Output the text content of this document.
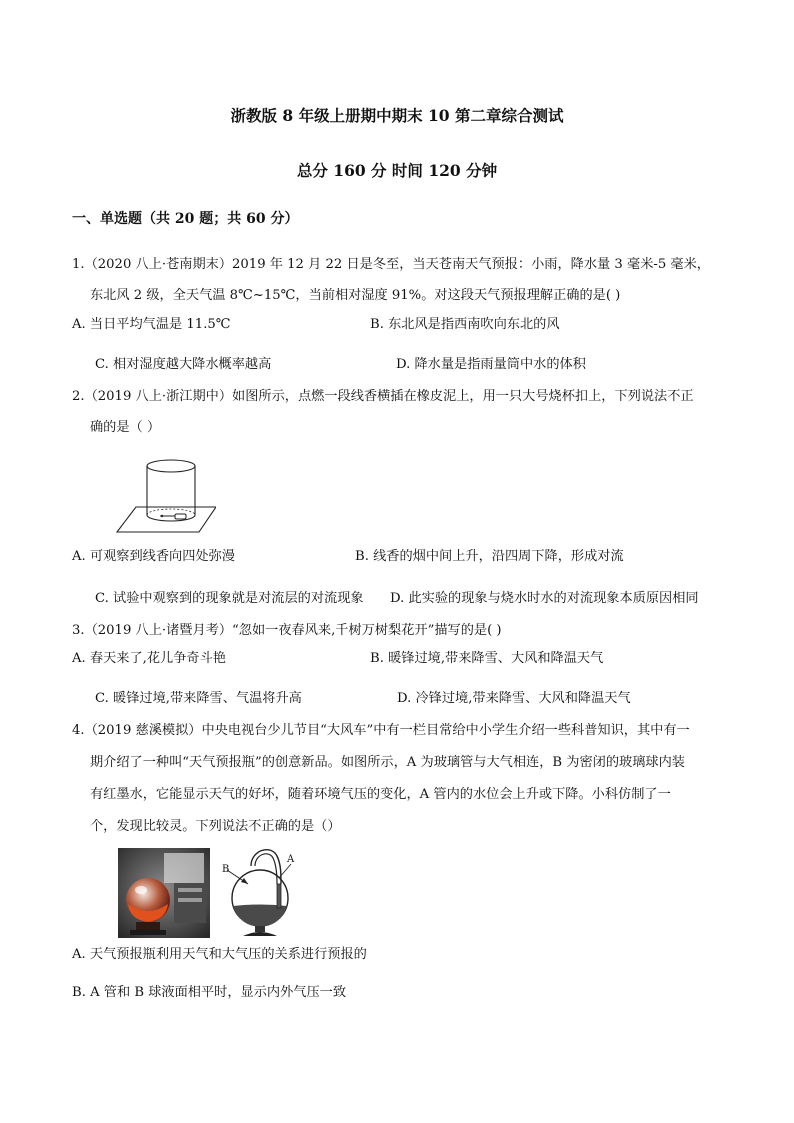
浙教版 8 年级上册期中期末 10 第二章综合测试
总分 160 分 时间 120 分钟
一、单选题（共 20 题；共 60 分）
1.（2020 八上·苍南期末）2019 年 12 月 22 日是冬至，当天苍南天气预报：小雨，降水量 3 毫米-5 毫米，
东北风 2 级，全天气温 8℃~15℃，当前相对湿度 91%。对这段天气预报理解正确的是( )
A. 当日平均气温是 11.5℃	B. 东北风是指西南吹向东北的风
C. 相对湿度越大降水概率越高	D. 降水量是指雨量筒中水的体积
2.（2019 八上·浙江期中）如图所示，点燃一段线香横插在橡皮泥上，用一只大号烧杯扣上，下列说法不正
确的是（ ）
A. 可观察到线香向四处弥漫	B. 线香的烟中间上升，沿四周下降，形成对流
C. 试验中观察到的现象就是对流层的对流现象 D. 此实验的现象与烧水时水的对流现象本质原因相同
3.（2019 八上·诸暨月考）“忽如一夜春风来,千树万树梨花开”描写的是( )
A. 春天来了,花儿争奇斗艳	B. 暖锋过境,带来降雪、大风和降温天气
C. 暖锋过境,带来降雪、气温将升高	D. 冷锋过境,带来降雪、大风和降温天气
4.（2019 慈溪模拟）中央电视台少儿节目“大风车”中有一栏目常给中小学生介绍一些科普知识，其中有一
期介绍了一种叫“天气预报瓶”的创意新品。如图所示，A 为玻璃管与大气相连，B 为密闭的玻璃球内装
有红墨水，它能显示天气的好坏，随着环境气压的变化，A 管内的水位会上升或下降。小科仿制了一
个，发现比较灵。下列说法不正确的是（）
B
A
A. 天气预报瓶利用天气和大气压的关系进行预报的
B. A 管和 B 球液面相平时，显示内外气压一致
